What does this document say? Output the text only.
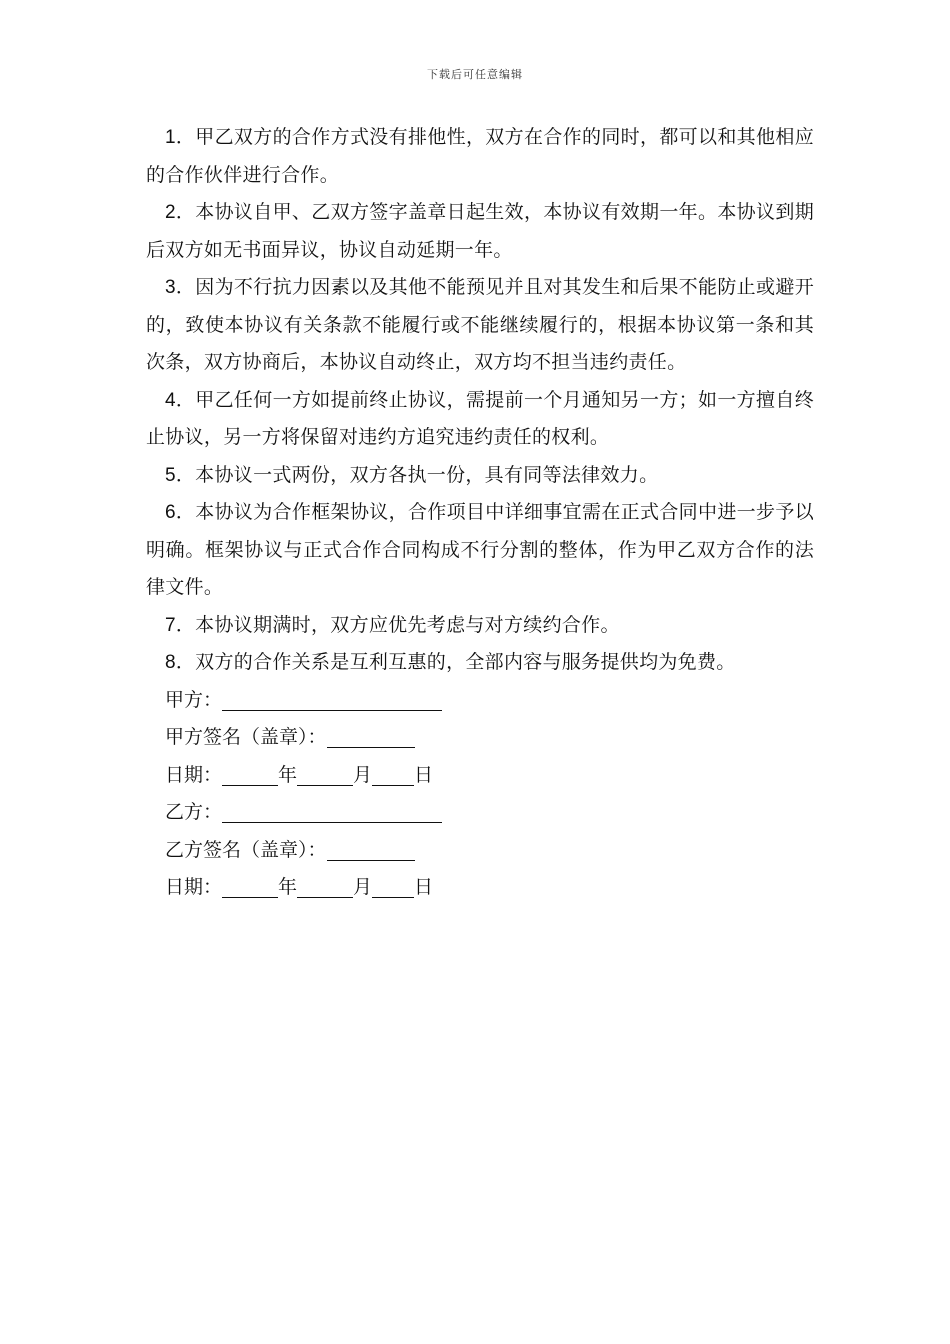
下载后可任意编辑

1．甲乙双方的合作方式没有排他性，双方在合作的同时，都可以和其他相应的合作伙伴进行合作。

2．本协议自甲、乙双方签字盖章日起生效，本协议有效期一年。本协议到期后双方如无书面异议，协议自动延期一年。

3．因为不行抗力因素以及其他不能预见并且对其发生和后果不能防止或避开的，致使本协议有关条款不能履行或不能继续履行的，根据本协议第一条和其次条，双方协商后，本协议自动终止，双方均不担当违约责任。

4．甲乙任何一方如提前终止协议，需提前一个月通知另一方；如一方擅自终止协议，另一方将保留对违约方追究违约责任的权利。

5．本协议一式两份，双方各执一份，具有同等法律效力。

6．本协议为合作框架协议，合作项目中详细事宜需在正式合同中进一步予以明确。框架协议与正式合作合同构成不行分割的整体，作为甲乙双方合作的法律文件。

7．本协议期满时，双方应优先考虑与对方续约合作。

8．双方的合作关系是互利互惠的，全部内容与服务提供均为免费。

甲方：

甲方签名（盖章）：

日期：	年	月 日

乙方：

乙方签名（盖章）：

日期：	年	月 日
